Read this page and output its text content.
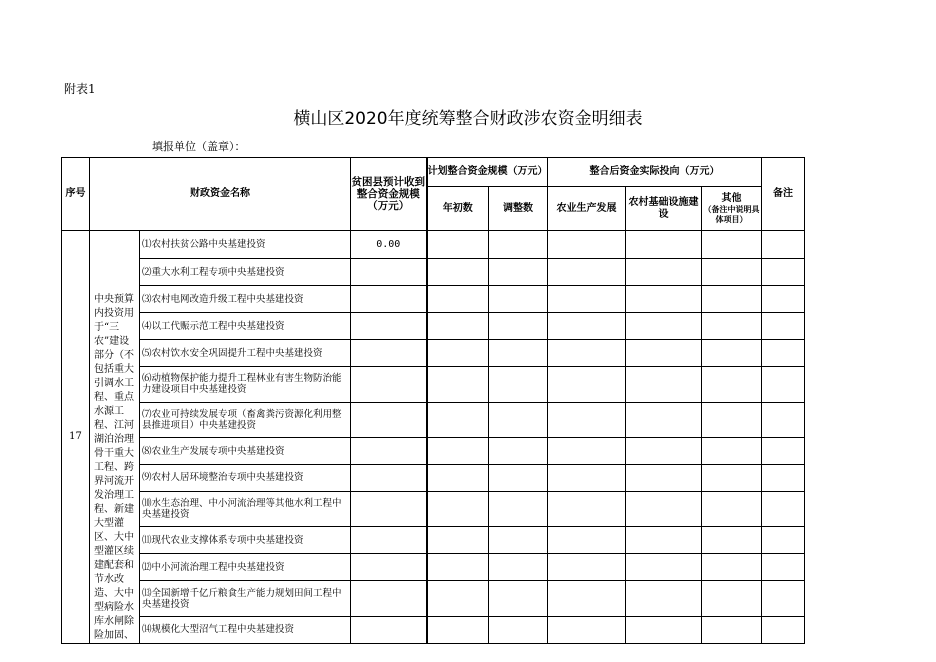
附表1
横山区2020年度统筹整合财政涉农资金明细表
填报单位（盖章）：
序号	财政资金名称		贫困县预计收到整合资金规模（万元）	计划整合资金规模（万元）		整合后资金实际投向（万元）			备注
				年初数	调整数	农业生产发展	农村基础设施建设	其他
（备注中说明具体项目）	

17	中央预算内投资用于“三农”建设部分（不包括重大引调水工程、重点水源工程、江河湖泊治理骨干重大工程、跨界河流开发治理工程、新建大型灌区、大中型灌区续建配套和节水改造、大中型病险水库水闸除险加固、	⑴农村扶贫公路中央基建投资	0.00						
		⑵重大水利工程专项中央基建投资							
		⑶农村电网改造升级工程中央基建投资							
		⑷以工代赈示范工程中央基建投资							
		⑸农村饮水安全巩固提升工程中央基建投资							
		⑹动植物保护能力提升工程林业有害生物防治能力建设项目中央基建投资							
		⑺农业可持续发展专项（畜禽粪污资源化利用整县推进项目）中央基建投资							
		⑻农业生产发展专项中央基建投资							
		⑼农村人居环境整治专项中央基建投资							
		⑽水生态治理、中小河流治理等其他水利工程中央基建投资							
		⑾现代农业支撑体系专项中央基建投资							
		⑿中小河流治理工程中央基建投资							
		⒀全国新增千亿斤粮食生产能力规划田间工程中央基建投资							
		⒁规模化大型沼气工程中央基建投资							
